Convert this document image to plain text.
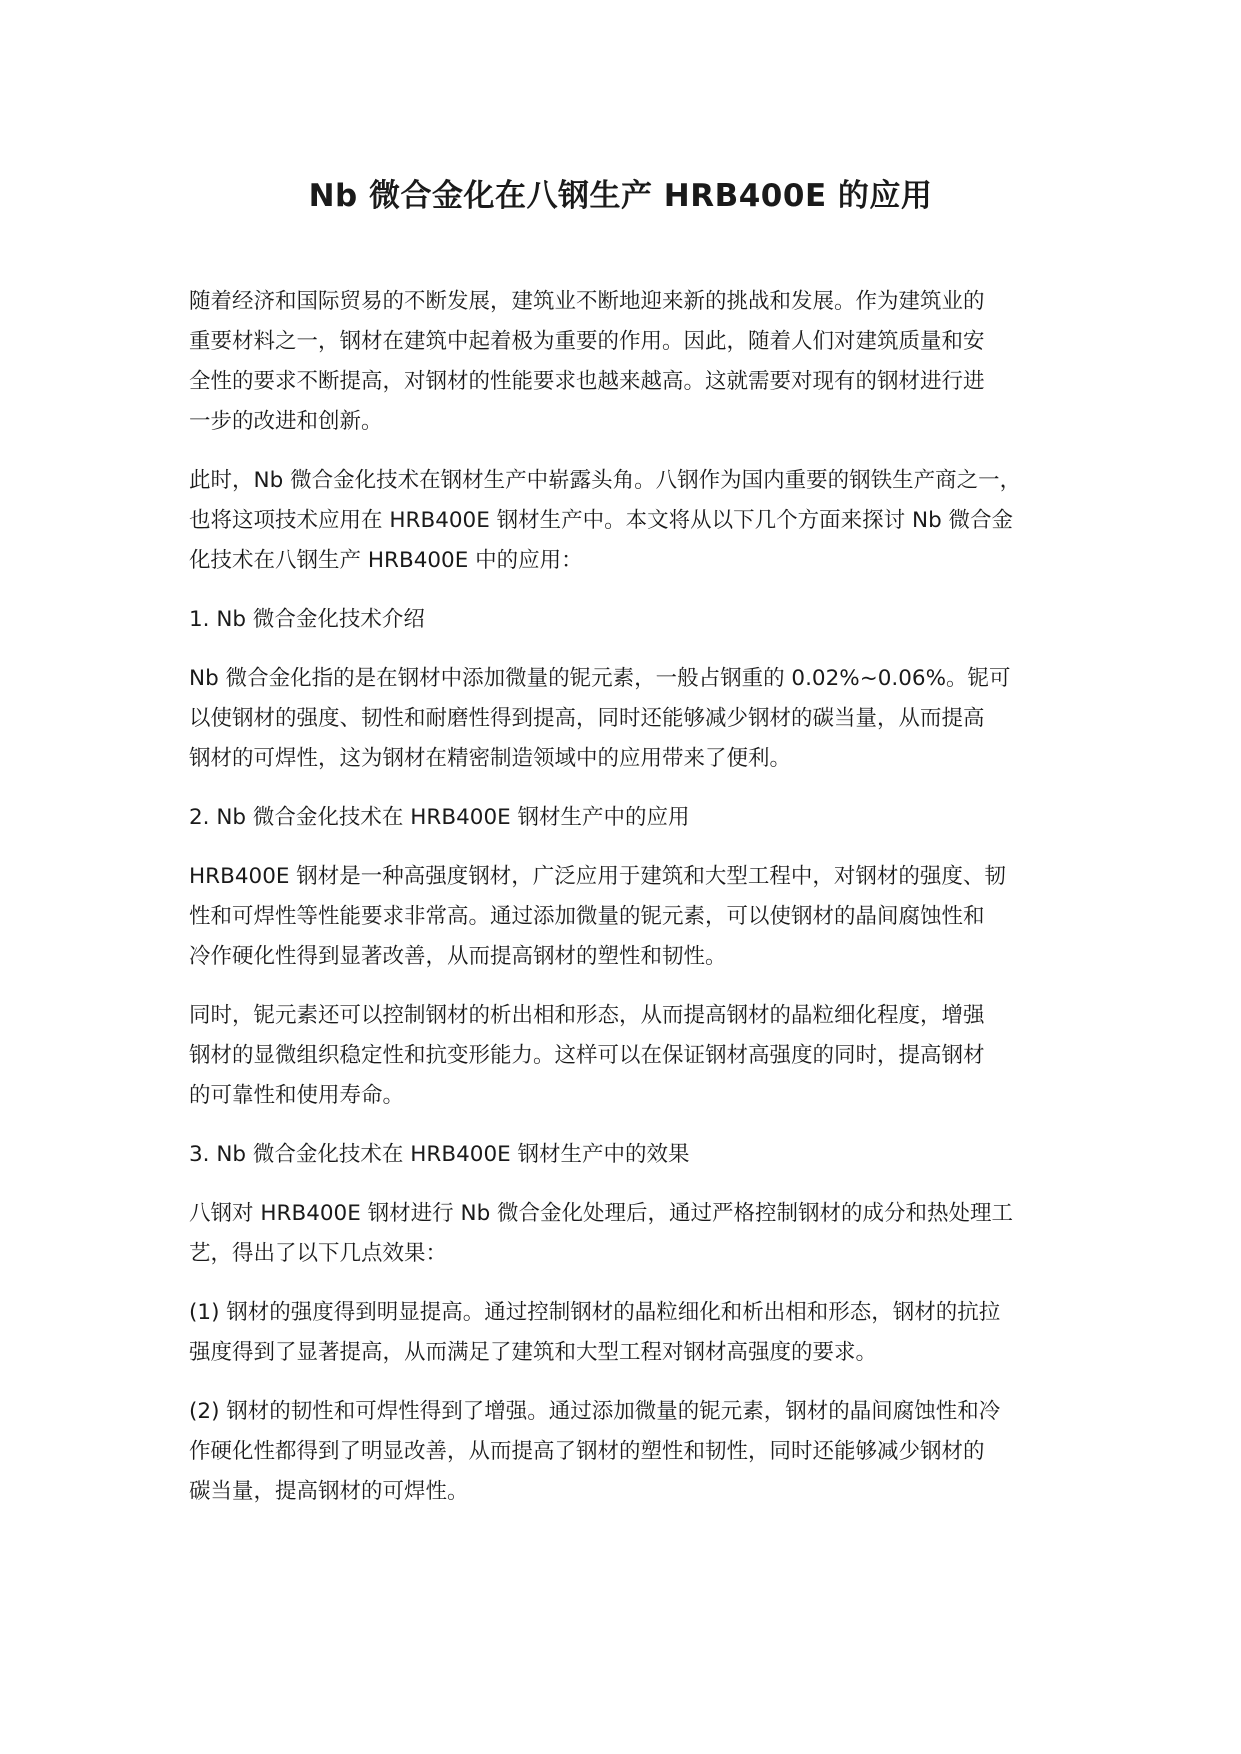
Nb 微合金化在八钢生产 HRB400E 的应用
随着经济和国际贸易的不断发展，建筑业不断地迎来新的挑战和发展。作为建筑业的
重要材料之一，钢材在建筑中起着极为重要的作用。因此，随着人们对建筑质量和安
全性的要求不断提高，对钢材的性能要求也越来越高。这就需要对现有的钢材进行进
一步的改进和创新。
此时，Nb 微合金化技术在钢材生产中崭露头角。八钢作为国内重要的钢铁生产商之一，
也将这项技术应用在 HRB400E 钢材生产中。本文将从以下几个方面来探讨 Nb 微合金
化技术在八钢生产 HRB400E 中的应用：
1. Nb 微合金化技术介绍
Nb 微合金化指的是在钢材中添加微量的铌元素，一般占钢重的 0.02%~0.06%。铌可
以使钢材的强度、韧性和耐磨性得到提高，同时还能够减少钢材的碳当量，从而提高
钢材的可焊性，这为钢材在精密制造领域中的应用带来了便利。
2. Nb 微合金化技术在 HRB400E 钢材生产中的应用
HRB400E 钢材是一种高强度钢材，广泛应用于建筑和大型工程中，对钢材的强度、韧
性和可焊性等性能要求非常高。通过添加微量的铌元素，可以使钢材的晶间腐蚀性和
冷作硬化性得到显著改善，从而提高钢材的塑性和韧性。
同时，铌元素还可以控制钢材的析出相和形态，从而提高钢材的晶粒细化程度，增强
钢材的显微组织稳定性和抗变形能力。这样可以在保证钢材高强度的同时，提高钢材
的可靠性和使用寿命。
3. Nb 微合金化技术在 HRB400E 钢材生产中的效果
八钢对 HRB400E 钢材进行 Nb 微合金化处理后，通过严格控制钢材的成分和热处理工
艺，得出了以下几点效果：
(1) 钢材的强度得到明显提高。通过控制钢材的晶粒细化和析出相和形态，钢材的抗拉
强度得到了显著提高，从而满足了建筑和大型工程对钢材高强度的要求。
(2) 钢材的韧性和可焊性得到了增强。通过添加微量的铌元素，钢材的晶间腐蚀性和冷
作硬化性都得到了明显改善，从而提高了钢材的塑性和韧性，同时还能够减少钢材的
碳当量，提高钢材的可焊性。
